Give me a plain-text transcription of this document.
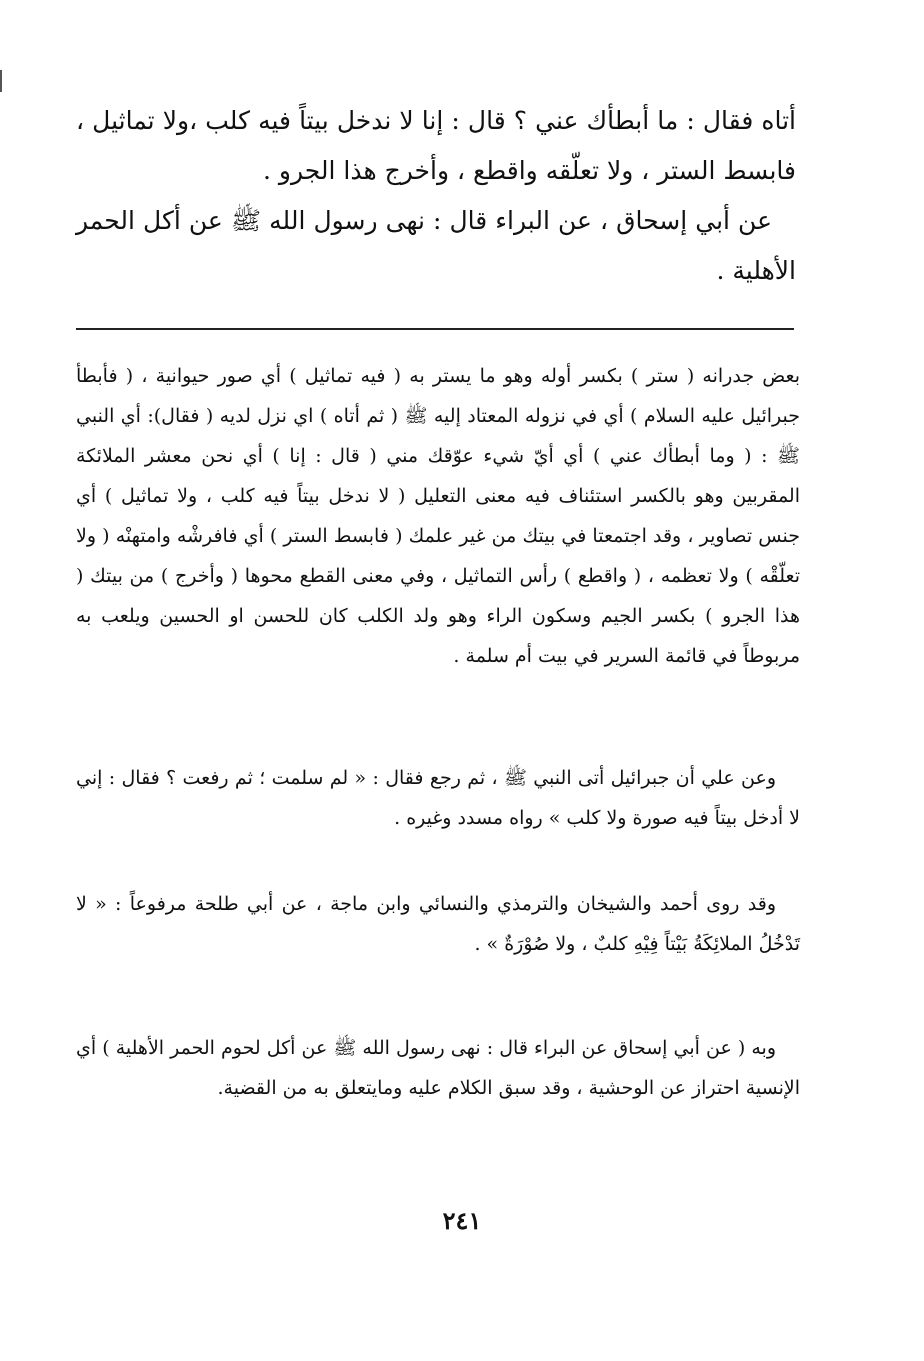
أتاه فقال : ما أبطأك عني ؟ قال : إنا لا ندخل بيتاً فيه كلب ،ولا تماثيل ، فابسط الستر ، ولا تعلّقه واقطع ، وأخرج هذا الجرو .

عن أبي إسحاق ، عن البراء قال : نهى رسول الله ﷺ عن أكل الحمر الأهلية .

بعض جدرانه ( ستر ) بكسر أوله وهو ما يستر به ( فيه تماثيل ) أي صور حيوانية ، ( فأبطأ جبرائيل عليه السلام ) أي في نزوله المعتاد إليه ﷺ ( ثم أتاه ) اي نزل لديه ( فقال): أي النبي ﷺ : ( وما أبطأك عني ) أي أيّ شيء عوّقك مني ( قال : إنا ) أي نحن معشر الملائكة المقربين وهو بالكسر استئناف فيه معنى التعليل ( لا ندخل بيتاً فيه كلب ، ولا تماثيل ) أي جنس تصاوير ، وقد اجتمعتا في بيتك من غير علمك ( فابسط الستر ) أي فافرشْه وامتهنْه ( ولا تعلّقْه ) ولا تعظمه ، ( واقطع ) رأس التماثيل ، وفي معنى القطع محوها ( وأخرج ) من بيتك ( هذا الجرو ) بكسر الجيم وسكون الراء وهو ولد الكلب كان للحسن او الحسين ويلعب به مربوطاً في قائمة السرير في بيت أم سلمة .

وعن علي أن جبرائيل أتى النبي ﷺ ، ثم رجع فقال : « لم سلمت ؛ ثم رفعت ؟ فقال : إني لا أدخل بيتاً فيه صورة ولا كلب » رواه مسدد وغيره .

وقد روى أحمد والشيخان والترمذي والنسائي وابن ماجة ، عن أبي طلحة مرفوعاً : « لا تَدْخُلُ الملائِكَةُ بَيْتاً فِيْهِ كلبٌ ، ولا صُوْرَةٌ » .

وبه ( عن أبي إسحاق عن البراء قال : نهى رسول الله ﷺ عن أكل لحوم الحمر الأهلية ) أي الإنسية احتراز عن الوحشية ، وقد سبق الكلام عليه ومايتعلق به من القضية.

٢٤١
